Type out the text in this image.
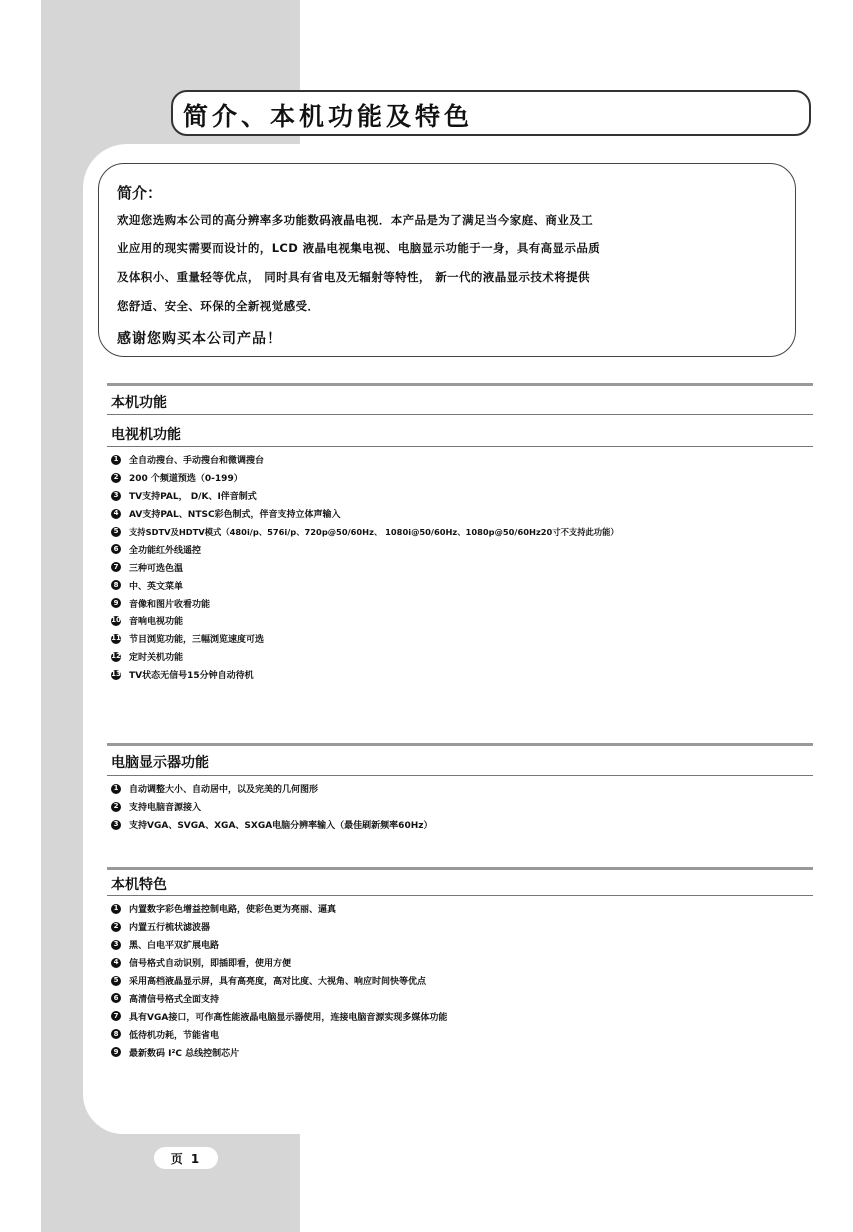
简介、本机功能及特色
简介：
欢迎您选购本公司的高分辨率多功能数码液晶电视．本产品是为了满足当今家庭、商业及工
业应用的现实需要而设计的，LCD 液晶电视集电视、电脑显示功能于一身，具有高显示品质
及体积小、重量轻等优点， 同时具有省电及无辐射等特性， 新一代的液晶显示技术将提供
您舒适、安全、环保的全新视觉感受．
感谢您购买本公司产品！
本机功能
电视机功能
1 全自动搜台、手动搜台和微调搜台
2 200 个频道预选（0-199）
3 TV支持PAL， D/K、I伴音制式
4 AV支持PAL、NTSC彩色制式，伴音支持立体声输入
5	支持SDTV及HDTV模式（480i/p、576i/p、720p@50/60Hz、 1080i@50/60Hz、1080p@50/60Hz20寸不支持此功能）
6 全功能红外线遥控
7 三种可选色温
8 中、英文菜单
9 音像和图片收看功能
10 音响电视功能
11 节目浏览功能，三幅浏览速度可选
12 定时关机功能
13 TV状态无信号15分钟自动待机
电脑显示器功能
1 自动调整大小、自动居中，以及完美的几何图形
2 支持电脑音源接入
3 支持VGA、SVGA、XGA、SXGA电脑分辨率输入（最佳刷新频率60Hz）
本机特色
1 内置数字彩色增益控制电路，使彩色更为亮丽、逼真
2 内置五行梳状滤波器
3 黑、白电平双扩展电路
4 信号格式自动识别，即插即看，使用方便
5 采用高档液晶显示屏，具有高亮度，高对比度、大视角、响应时间快等优点
6 高清信号格式全面支持
7 具有VGA接口，可作高性能液晶电脑显示器使用，连接电脑音源实现多媒体功能
8 低待机功耗，节能省电
9 最新数码 I²C 总线控制芯片
页 1
